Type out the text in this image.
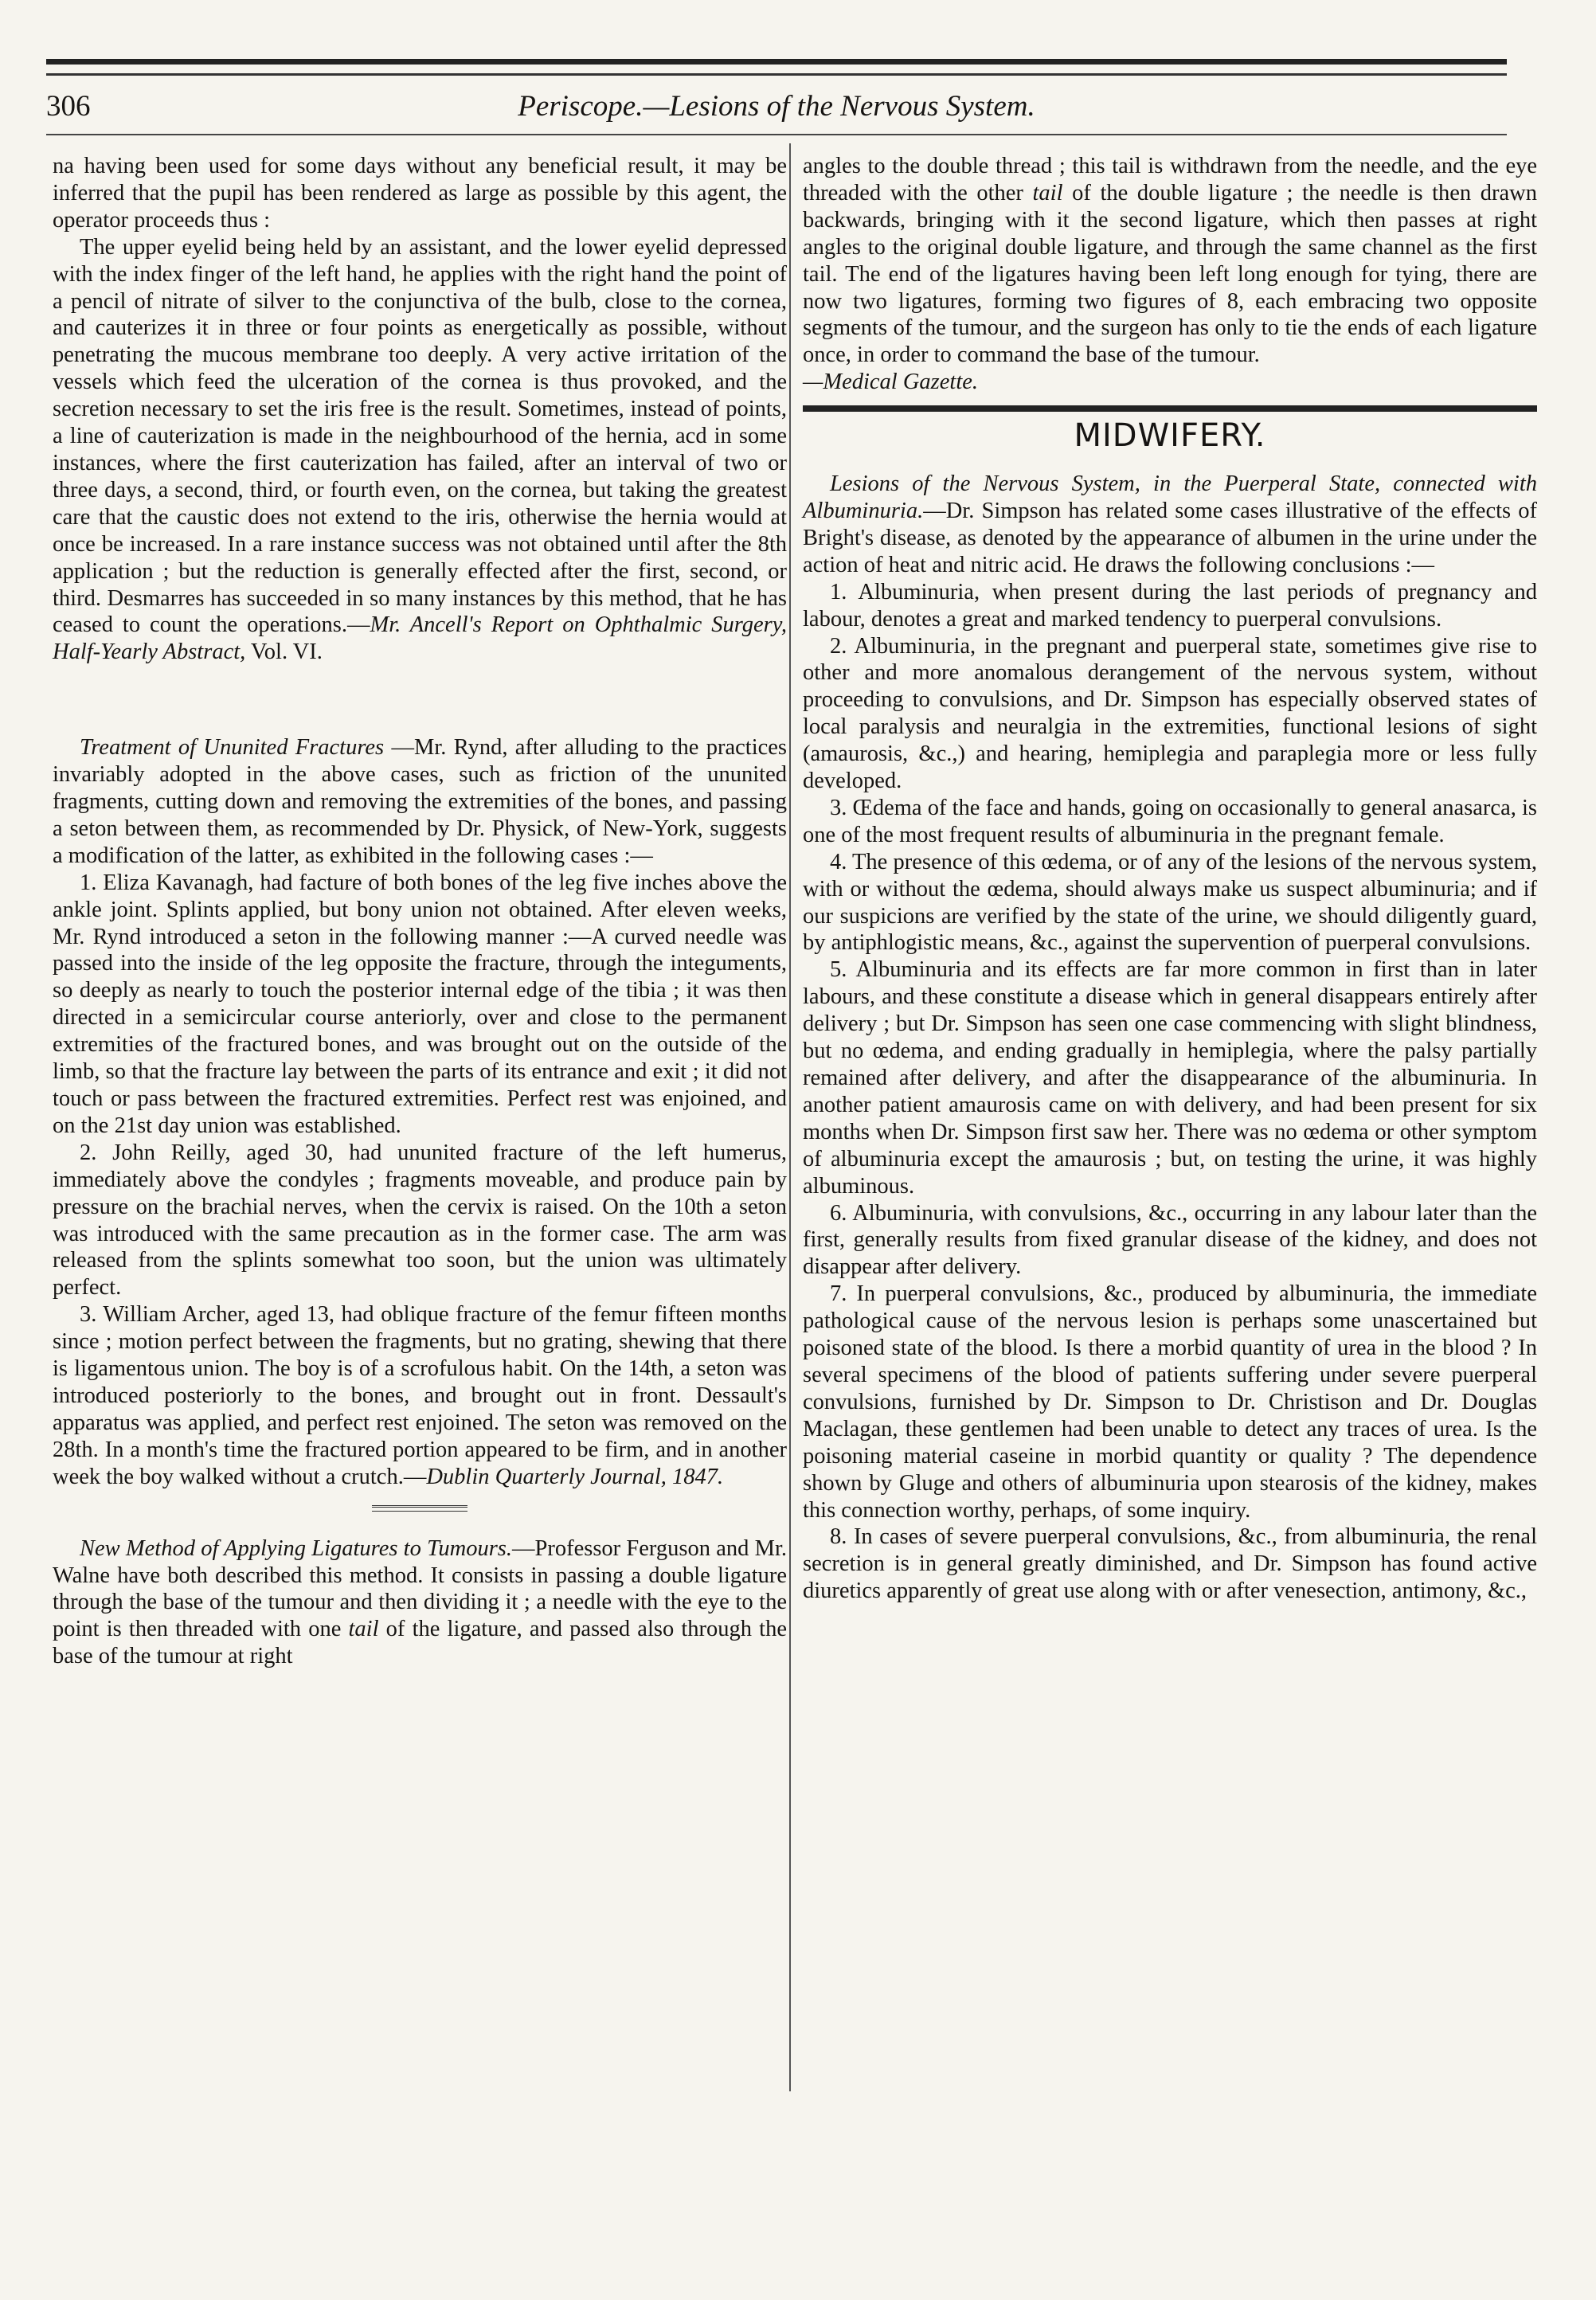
306	Periscope.—Lesions of the Nervous System.

na having been used for some days without any beneficial result, it may be inferred that the pupil has been rendered as large as possible by this agent, the operator proceeds thus :

The upper eyelid being held by an assistant, and the lower eyelid depressed with the index finger of the left hand, he applies with the right hand the point of a pencil of nitrate of silver to the conjunctiva of the bulb, close to the cornea, and cauterizes it in three or four points as energetically as possible, without penetrating the mucous membrane too deeply. A very active irritation of the vessels which feed the ulceration of the cornea is thus provoked, and the secretion necessary to set the iris free is the result. Sometimes, instead of points, a line of cauterization is made in the neighbourhood of the hernia, acd in some instances, where the first cauterization has failed, after an interval of two or three days, a second, third, or fourth even, on the cornea, but taking the greatest care that the caustic does not extend to the iris, otherwise the hernia would at once be increased. In a rare instance success was not obtained until after the 8th application ; but the reduction is generally effected after the first, second, or third. Desmarres has succeeded in so many instances by this method, that he has ceased to count the operations.—Mr. Ancell's Report on Ophthalmic Surgery, Half-Yearly Abstract, Vol. VI.

Treatment of Ununited Fractures —Mr. Rynd, after alluding to the practices invariably adopted in the above cases, such as friction of the ununited fragments, cutting down and removing the extremities of the bones, and passing a seton between them, as recommended by Dr. Physick, of New-York, suggests a modification of the latter, as exhibited in the following cases :—

1. Eliza Kavanagh, had facture of both bones of the leg five inches above the ankle joint. Splints applied, but bony union not obtained. After eleven weeks, Mr. Rynd introduced a seton in the following manner :—A curved needle was passed into the inside of the leg opposite the fracture, through the integuments, so deeply as nearly to touch the posterior internal edge of the tibia ; it was then directed in a semicircular course anteriorly, over and close to the permanent extremities of the fractured bones, and was brought out on the outside of the limb, so that the fracture lay between the parts of its entrance and exit ; it did not touch or pass between the fractured extremities. Perfect rest was enjoined, and on the 21st day union was established.

2. John Reilly, aged 30, had ununited fracture of the left humerus, immediately above the condyles ; fragments moveable, and produce pain by pressure on the brachial nerves, when the cervix is raised. On the 10th a seton was introduced with the same precaution as in the former case. The arm was released from the splints somewhat too soon, but the union was ultimately perfect.

3. William Archer, aged 13, had oblique fracture of the femur fifteen months since ; motion perfect between the fragments, but no grating, shewing that there is ligamentous union. The boy is of a scrofulous habit. On the 14th, a seton was introduced posteriorly to the bones, and brought out in front. Dessault's apparatus was applied, and perfect rest enjoined. The seton was removed on the 28th. In a month's time the fractured portion appeared to be firm, and in another week the boy walked without a crutch.—Dublin Quarterly Journal, 1847.

New Method of Applying Ligatures to Tumours.—Professor Ferguson and Mr. Walne have both described this method. It consists in passing a double ligature through the base of the tumour and then dividing it ; a needle with the eye to the point is then threaded with one tail of the ligature, and passed also through the base of the tumour at right

angles to the double thread ; this tail is withdrawn from the needle, and the eye threaded with the other tail of the double ligature ; the needle is then drawn backwards, bringing with it the second ligature, which then passes at right angles to the original double ligature, and through the same channel as the first tail. The end of the ligatures having been left long enough for tying, there are now two ligatures, forming two figures of 8, each embracing two opposite segments of the tumour, and the surgeon has only to tie the ends of each ligature once, in order to command the base of the tumour.
—Medical Gazette.

MIDWIFERY.

Lesions of the Nervous System, in the Puerperal State, connected with Albuminuria.—Dr. Simpson has related some cases illustrative of the effects of Bright's disease, as denoted by the appearance of albumen in the urine under the action of heat and nitric acid. He draws the following conclusions :—

1. Albuminuria, when present during the last periods of pregnancy and labour, denotes a great and marked tendency to puerperal convulsions.

2. Albuminuria, in the pregnant and puerperal state, sometimes give rise to other and more anomalous derangement of the nervous system, without proceeding to convulsions, and Dr. Simpson has especially observed states of local paralysis and neuralgia in the extremities, functional lesions of sight (amaurosis, &c.,) and hearing, hemiplegia and paraplegia more or less fully developed.

3. Œdema of the face and hands, going on occasionally to general anasarca, is one of the most frequent results of albuminuria in the pregnant female.

4. The presence of this œdema, or of any of the lesions of the nervous system, with or without the œdema, should always make us suspect albuminuria; and if our suspicions are verified by the state of the urine, we should diligently guard, by antiphlogistic means, &c., against the supervention of puerperal convulsions.

5. Albuminuria and its effects are far more common in first than in later labours, and these constitute a disease which in general disappears entirely after delivery ; but Dr. Simpson has seen one case commencing with slight blindness, but no œdema, and ending gradually in hemiplegia, where the palsy partially remained after delivery, and after the disappearance of the albuminuria. In another patient amaurosis came on with delivery, and had been present for six months when Dr. Simpson first saw her. There was no œdema or other symptom of albuminuria except the amaurosis ; but, on testing the urine, it was highly albuminous.

6. Albuminuria, with convulsions, &c., occurring in any labour later than the first, generally results from fixed granular disease of the kidney, and does not disappear after delivery.

7. In puerperal convulsions, &c., produced by albuminuria, the immediate pathological cause of the nervous lesion is perhaps some unascertained but poisoned state of the blood. Is there a morbid quantity of urea in the blood ? In several specimens of the blood of patients suffering under severe puerperal convulsions, furnished by Dr. Simpson to Dr. Christison and Dr. Douglas Maclagan, these gentlemen had been unable to detect any traces of urea. Is the poisoning material caseine in morbid quantity or quality ? The dependence shown by Gluge and others of albuminuria upon stearosis of the kidney, makes this connection worthy, perhaps, of some inquiry.

8. In cases of severe puerperal convulsions, &c., from albuminuria, the renal secretion is in general greatly diminished, and Dr. Simpson has found active diuretics apparently of great use along with or after venesection, antimony, &c.,
